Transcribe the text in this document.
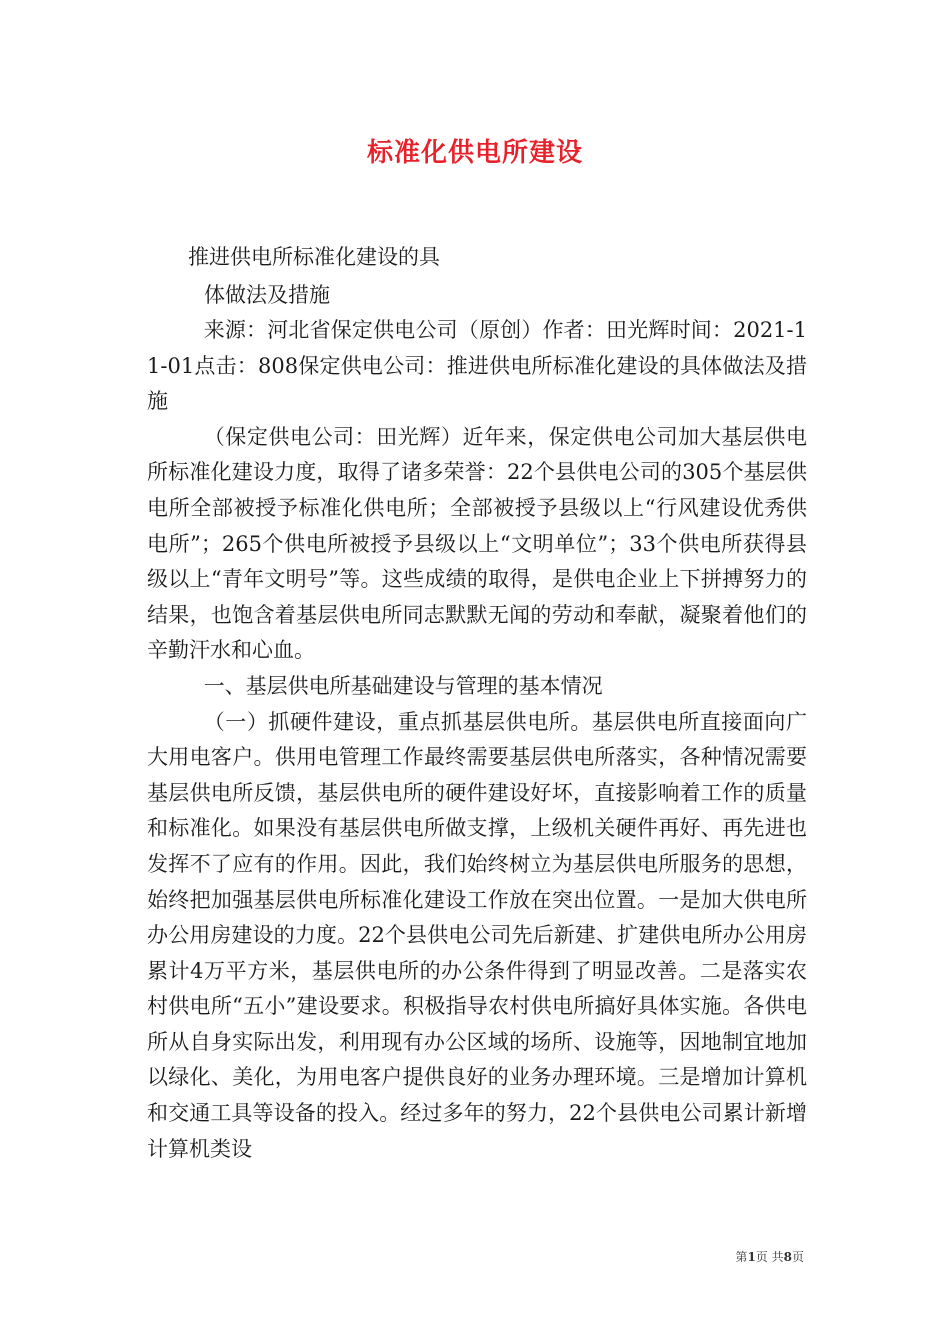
标准化供电所建设

推进供电所标准化建设的具

体做法及措施

来源：河北省保定供电公司（原创）作者：田光辉时间：2021-11-01点击：808保定供电公司：推进供电所标准化建设的具体做法及措施

（保定供电公司：田光辉）近年来，保定供电公司加大基层供电所标准化建设力度，取得了诸多荣誉：22个县供电公司的305个基层供电所全部被授予标准化供电所；全部被授予县级以上“行风建设优秀供电所”；265个供电所被授予县级以上“文明单位”；33个供电所获得县级以上“青年文明号”等。这些成绩的取得，是供电企业上下拼搏努力的结果，也饱含着基层供电所同志默默无闻的劳动和奉献，凝聚着他们的辛勤汗水和心血。

一、基层供电所基础建设与管理的基本情况

（一）抓硬件建设，重点抓基层供电所。基层供电所直接面向广大用电客户。供用电管理工作最终需要基层供电所落实，各种情况需要基层供电所反馈，基层供电所的硬件建设好坏，直接影响着工作的质量和标准化。如果没有基层供电所做支撑，上级机关硬件再好、再先进也发挥不了应有的作用。因此，我们始终树立为基层供电所服务的思想，始终把加强基层供电所标准化建设工作放在突出位置。一是加大供电所办公用房建设的力度。22个县供电公司先后新建、扩建供电所办公用房累计4万平方米，基层供电所的办公条件得到了明显改善。二是落实农村供电所“五小”建设要求。积极指导农村供电所搞好具体实施。各供电所从自身实际出发，利用现有办公区域的场所、设施等，因地制宜地加以绿化、美化，为用电客户提供良好的业务办理环境。三是增加计算机和交通工具等设备的投入。经过多年的努力，22个县供电公司累计新增计算机类设

第1页 共8页
